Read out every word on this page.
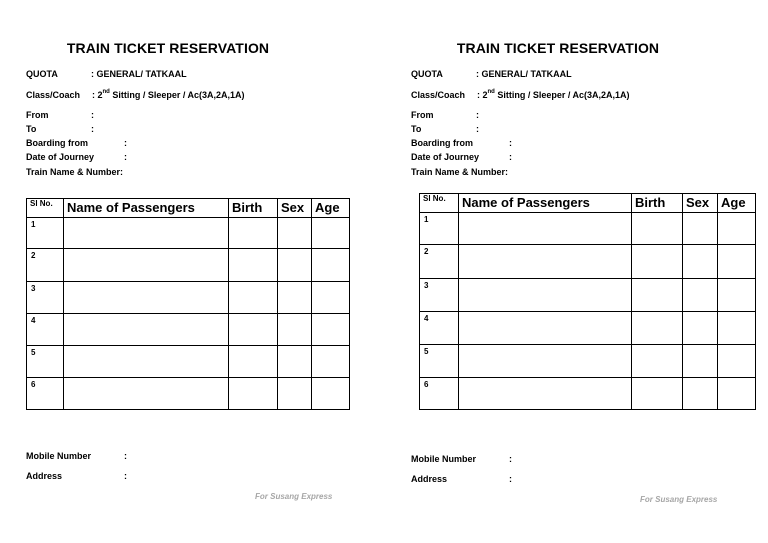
TRAIN TICKET RESERVATION
QUOTA	: GENERAL/ TATKAAL
Class/Coach : 2nd Sitting / Sleeper / Ac(3A,2A,1A)
From	:
To	:
Boarding from	:
Date of Journey	:
Train Name & Number:
Sl No.	Name of Passengers	Birth	Sex	Age
1				
2				
3				
4				
5				
6				
Mobile Number	:
Address	:
For Susang Express
TRAIN TICKET RESERVATION
QUOTA	: GENERAL/ TATKAAL
Class/Coach : 2nd Sitting / Sleeper / Ac(3A,2A,1A)
From	:
To	:
Boarding from	:
Date of Journey	:
Train Name & Number:
Sl No.	Name of Passengers	Birth	Sex	Age
1				
2				
3				
4				
5				
6				
Mobile Number	:
Address	:
For Susang Express
